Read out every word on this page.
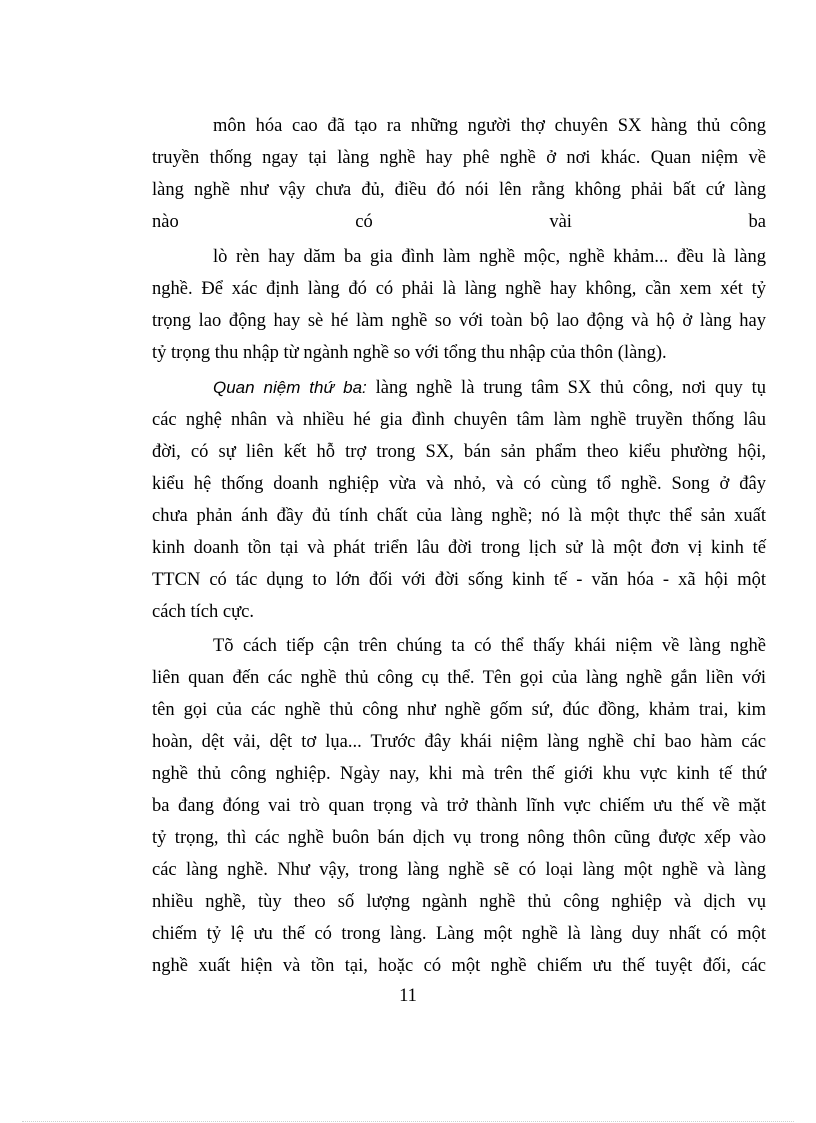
môn hóa cao đã tạo ra những người thợ chuyên SX hàng thủ công
truyền thống ngay tại làng nghề hay phê nghề ở nơi khác. Quan niệm về
làng nghề như vậy chưa đủ, điều đó nói lên rằng không phải bất cứ làng
nào có vài ba
lò rèn hay dăm ba gia đình làm nghề mộc, nghề khảm... đều là làng
nghề. Để xác định làng đó có phải là làng nghề hay không, cần xem xét tỷ
trọng lao động hay sè hé làm nghề so với toàn bộ lao động và hộ ở làng hay
tỷ trọng thu nhập từ ngành nghề so với tổng thu nhập của thôn (làng).
Quan niệm thứ ba: làng nghề là trung tâm SX thủ công, nơi quy tụ
các nghệ nhân và nhiều hé gia đình chuyên tâm làm nghề truyền thống lâu
đời, có sự liên kết hỗ trợ trong SX, bán sản phẩm theo kiểu phường hội,
kiểu hệ thống doanh nghiệp vừa và nhỏ, và có cùng tổ nghề. Song ở đây
chưa phản ánh đầy đủ tính chất của làng nghề; nó là một thực thể sản xuất
kinh doanh tồn tại và phát triển lâu đời trong lịch sử là một đơn vị kinh tế
TTCN có tác dụng to lớn đối với đời sống kinh tế - văn hóa - xã hội một
cách tích cực.
Tõ cách tiếp cận trên chúng ta có thể thấy khái niệm về làng nghề
liên quan đến các nghề thủ công cụ thể. Tên gọi của làng nghề gắn liền với
tên gọi của các nghề thủ công như nghề gốm sứ, đúc đồng, khảm trai, kim
hoàn, dệt vải, dệt tơ lụa... Trước đây khái niệm làng nghề chỉ bao hàm các
nghề thủ công nghiệp. Ngày nay, khi mà trên thế giới khu vực kinh tế thứ
ba đang đóng vai trò quan trọng và trở thành lĩnh vực chiếm ưu thế về mặt
tỷ trọng, thì các nghề buôn bán dịch vụ trong nông thôn cũng được xếp vào
các làng nghề. Như vậy, trong làng nghề sẽ có loại làng một nghề và làng
nhiều nghề, tùy theo số lượng ngành nghề thủ công nghiệp và dịch vụ
chiếm tỷ lệ ưu thế có trong làng. Làng một nghề là làng duy nhất có một
nghề xuất hiện và tồn tại, hoặc có một nghề chiếm ưu thế tuyệt đối, các
11
